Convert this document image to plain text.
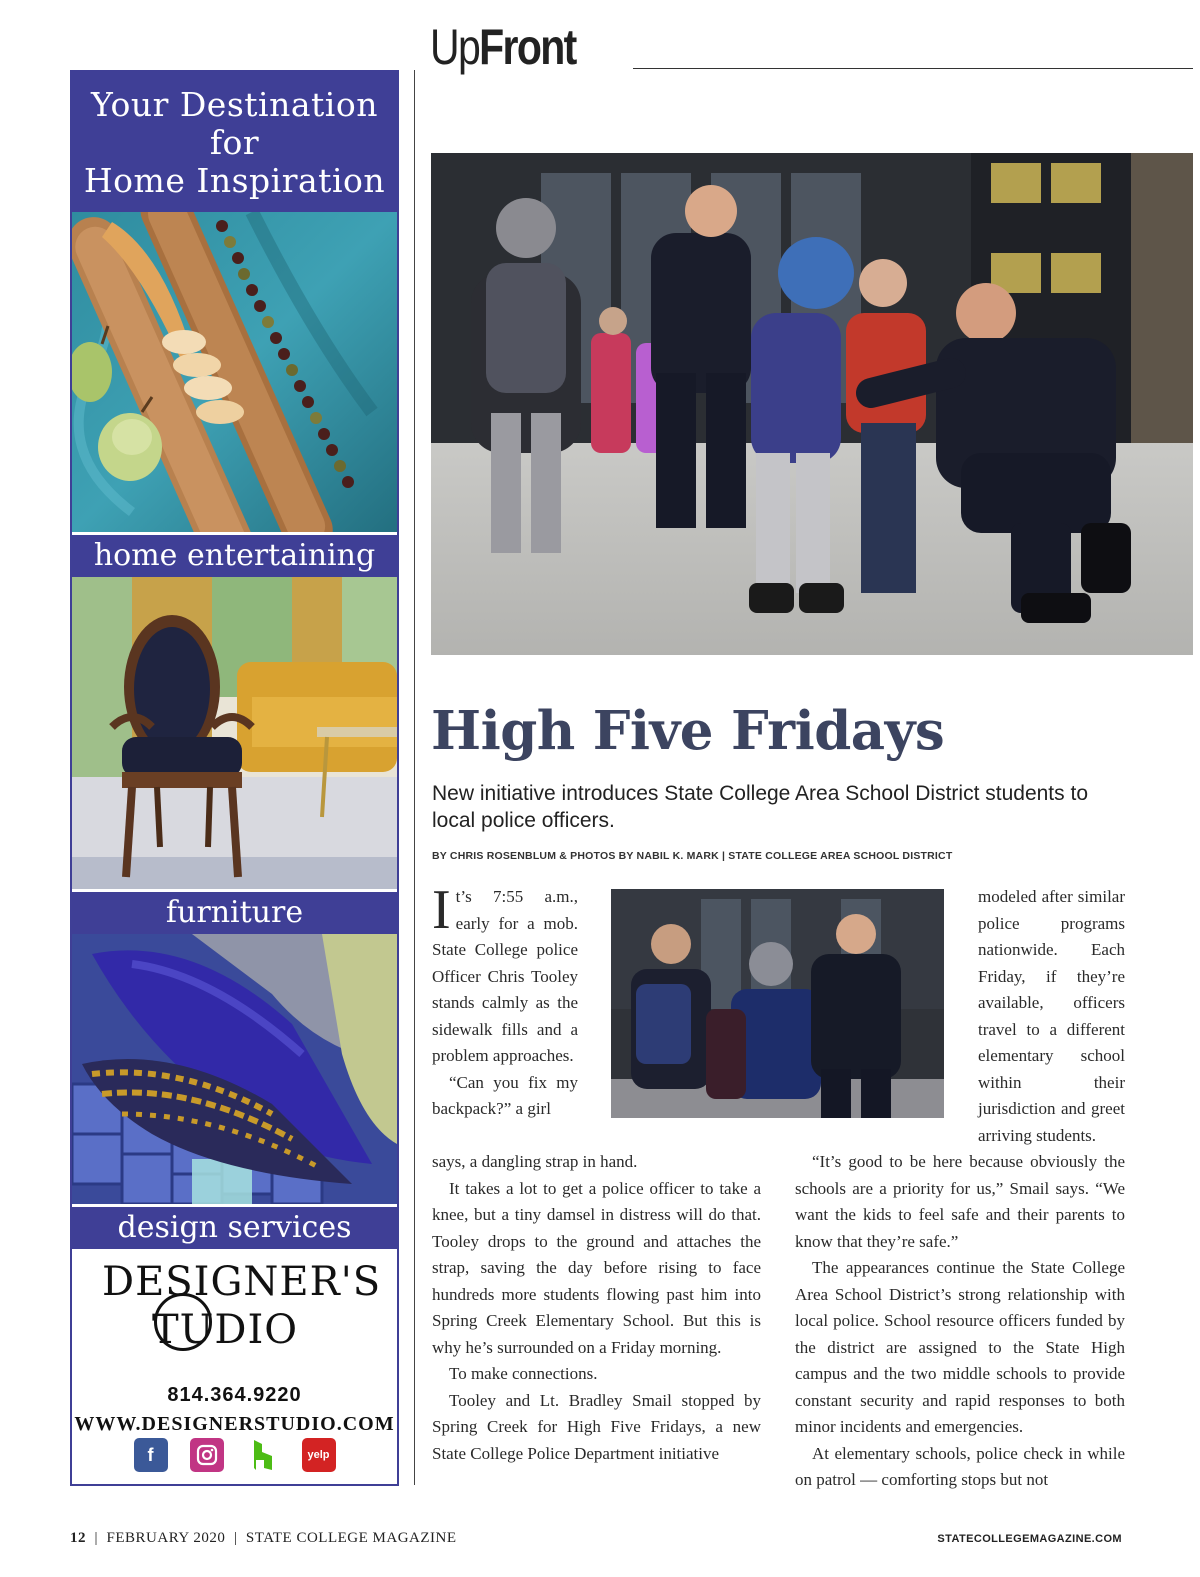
UpFront
Your Destination
for
Home Inspiration
home entertaining
furniture
design services
DESIGNER'S
TUDIO
814.364.9220
WWW.DESIGNERSTUDIO.COM
f	yelp
High Five Fridays

New initiative introduces State College Area School District students to local police officers.

BY CHRIS ROSENBLUM & PHOTOS BY NABIL K. MARK | STATE COLLEGE AREA SCHOOL DISTRICT

It’s 7:55 a.m., early for a mob. State College police Officer Chris Tooley stands calmly as the sidewalk fills and a problem approaches.

“Can you fix my backpack?” a girl

modeled after similar police programs nationwide. Each Friday, if they’re available, officers travel to a different elementary school within their jurisdiction and greet arriving students.

says, a dangling strap in hand.

It takes a lot to get a police officer to take a knee, but a tiny damsel in distress will do that. Tooley drops to the ground and attaches the strap, saving the day before rising to face hundreds more students flowing past him into Spring Creek Elementary School. But this is why he’s surrounded on a Friday morning.

To make connections.

Tooley and Lt. Bradley Smail stopped by Spring Creek for High Five Fridays, a new State College Police Department initiative

“It’s good to be here because obviously the schools are a priority for us,” Smail says. “We want the kids to feel safe and their parents to know that they’re safe.”

The appearances continue the State College Area School District’s strong relationship with local police. School resource officers funded by the district are assigned to the State High campus and the two middle schools to provide constant security and rapid responses to both minor incidents and emergencies.

At elementary schools, police check in while on patrol — comforting stops but not

12  |  FEBRUARY 2020  |  STATE COLLEGE MAGAZINE	STATECOLLEGEMAGAZINE.COM
